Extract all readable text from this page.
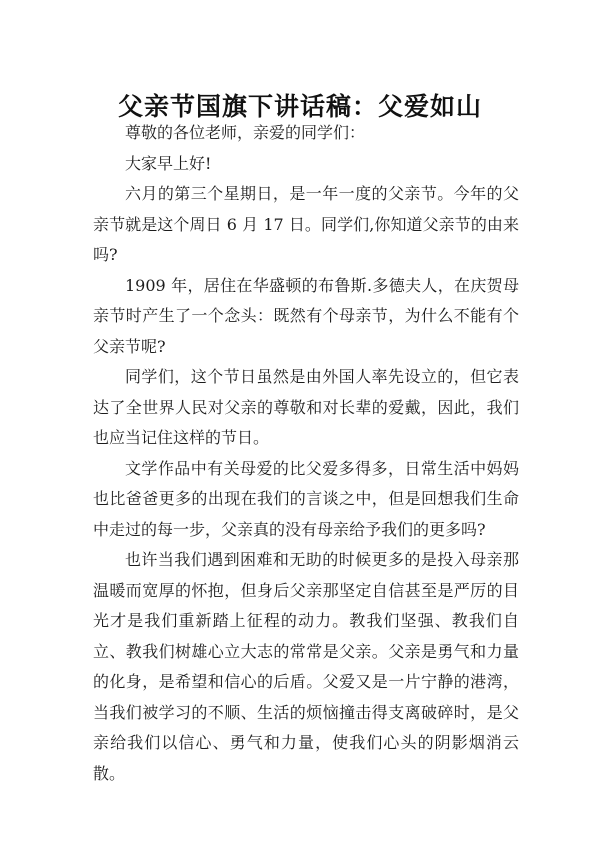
父亲节国旗下讲话稿：父爱如山

尊敬的各位老师，亲爱的同学们：

大家早上好!

六月的第三个星期日，是一年一度的父亲节。今年的父亲节就是这个周日 6 月 17 日。同学们,你知道父亲节的由来吗?

1909 年，居住在华盛顿的布鲁斯.多德夫人，在庆贺母亲节时产生了一个念头：既然有个母亲节，为什么不能有个父亲节呢?

同学们，这个节日虽然是由外国人率先设立的，但它表达了全世界人民对父亲的尊敬和对长辈的爱戴，因此，我们也应当记住这样的节日。

文学作品中有关母爱的比父爱多得多，日常生活中妈妈也比爸爸更多的出现在我们的言谈之中，但是回想我们生命中走过的每一步，父亲真的没有母亲给予我们的更多吗?

也许当我们遇到困难和无助的时候更多的是投入母亲那温暖而宽厚的怀抱，但身后父亲那坚定自信甚至是严厉的目光才是我们重新踏上征程的动力。教我们坚强、教我们自立、教我们树雄心立大志的常常是父亲。父亲是勇气和力量的化身，是希望和信心的后盾。父爱又是一片宁静的港湾，当我们被学习的不顺、生活的烦恼撞击得支离破碎时，是父亲给我们以信心、勇气和力量，使我们心头的阴影烟消云散。
